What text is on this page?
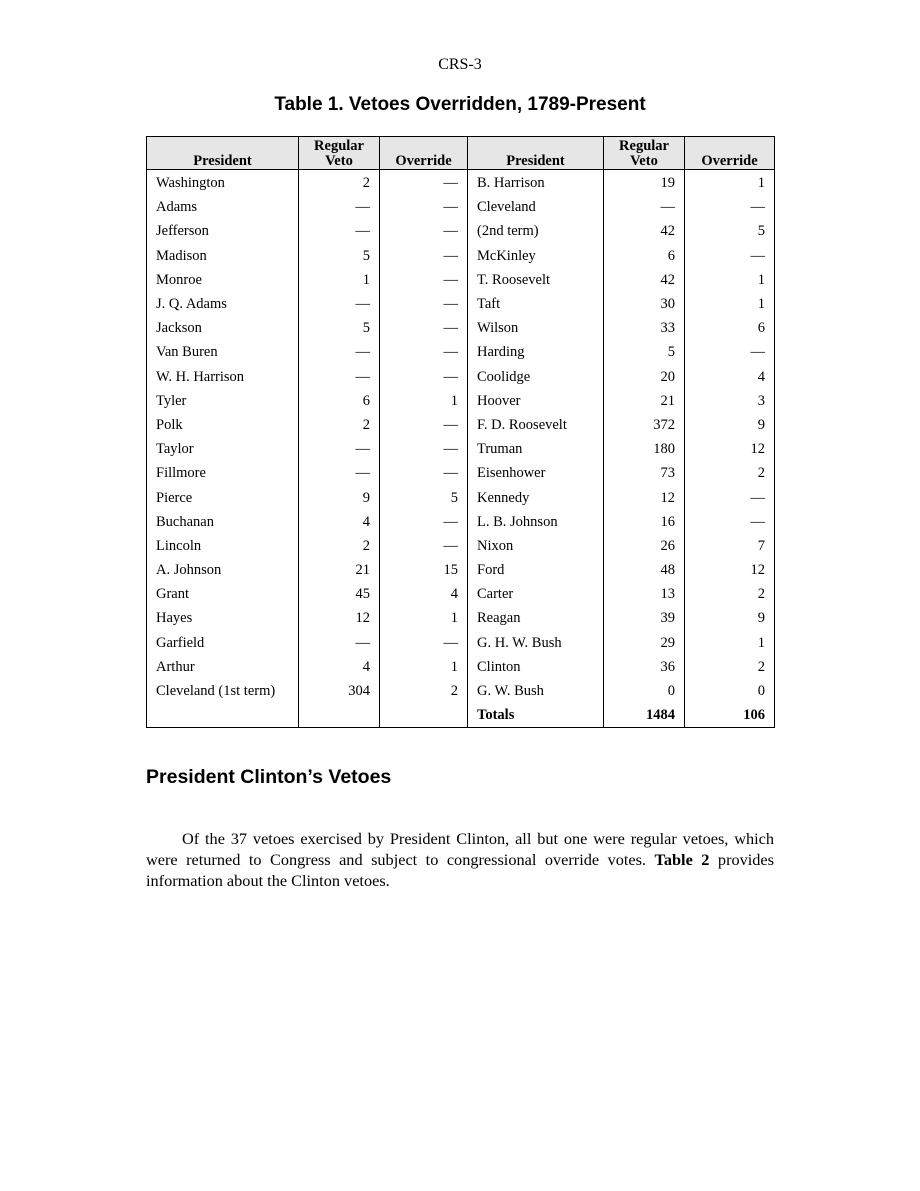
CRS-3
Table 1. Vetoes Overridden, 1789-Present
President	Regular Veto	Override	President	Regular Veto	Override
Washington	2	—	B. Harrison	19	1
Adams	—	—	Cleveland	—	—
Jefferson	—	—	(2nd term)	42	5
Madison	5	—	McKinley	6	—
Monroe	1	—	T. Roosevelt	42	1
J. Q. Adams	—	—	Taft	30	1
Jackson	5	—	Wilson	33	6
Van Buren	—	—	Harding	5	—
W. H. Harrison	—	—	Coolidge	20	4
Tyler	6	1	Hoover	21	3
Polk	2	—	F. D. Roosevelt	372	9
Taylor	—	—	Truman	180	12
Fillmore	—	—	Eisenhower	73	2
Pierce	9	5	Kennedy	12	—
Buchanan	4	—	L. B. Johnson	16	—
Lincoln	2	—	Nixon	26	7
A. Johnson	21	15	Ford	48	12
Grant	45	4	Carter	13	2
Hayes	12	1	Reagan	39	9
Garfield	—	—	G. H. W. Bush	29	1
Arthur	4	1	Clinton	36	2
Cleveland (1st term)	304	2	G. W. Bush	0	0
			Totals	1484	106
President Clinton’s Vetoes

Of the 37 vetoes exercised by President Clinton, all but one were regular vetoes, which were returned to Congress and subject to congressional override votes. Table 2 provides information about the Clinton vetoes.
